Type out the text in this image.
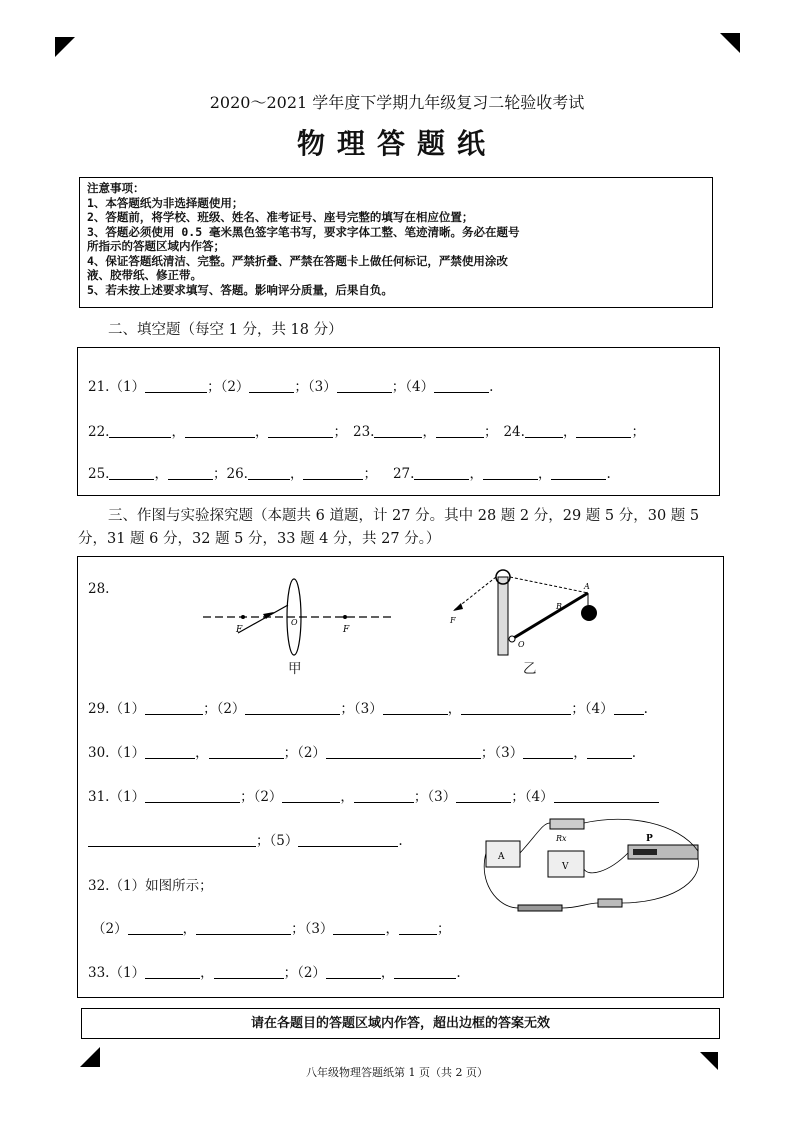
2020～2021 学年度下学期九年级复习二轮验收考试
物理答题纸
注意事项：
1、本答题纸为非选择题使用；
2、答题前，将学校、班级、姓名、准考证号、座号完整的填写在相应位置；
3、答题必须使用 0.5 毫米黑色签字笔书写，要求字体工整、笔迹清晰。务必在题号
所指示的答题区域内作答；
4、保证答题纸清洁、完整。严禁折叠、严禁在答题卡上做任何标记，严禁使用涂改
液、胶带纸、修正带。
5、若未按上述要求填写、答题。影响评分质量，后果自负。
二、填空题（每空 1 分，共 18 分）
21.（1）	；（2）	；（3）	；（4）	.
22.	，	，	； 23.	，	； 24.	，	；
25.	，	；26.	，	； 27.	，	，	.
三、作图与实验探究题（本题共 6 道题，计 27 分。其中 28 题 2 分，29 题 5 分，30 题 5 分，31 题 6 分，32 题 5 分，33 题 4 分，共 27 分。）
28.
F	F
O
甲
A
B
O
F
乙
29.（1）	；（2）	；（3）	，	；（4） .
30.（1）	，	；（2）	；（3）	，	.
31.（1）	；（2）	，	；（3）	；（4）
；（5）	.	Rx
A
V
P
32.（1）如图所示；
（2）	，	；（3）	，	；
33.（1）	，	；（2）	，	.
请在各题目的答题区域内作答，超出边框的答案无效
八年级物理答题纸第 1 页（共 2 页）
